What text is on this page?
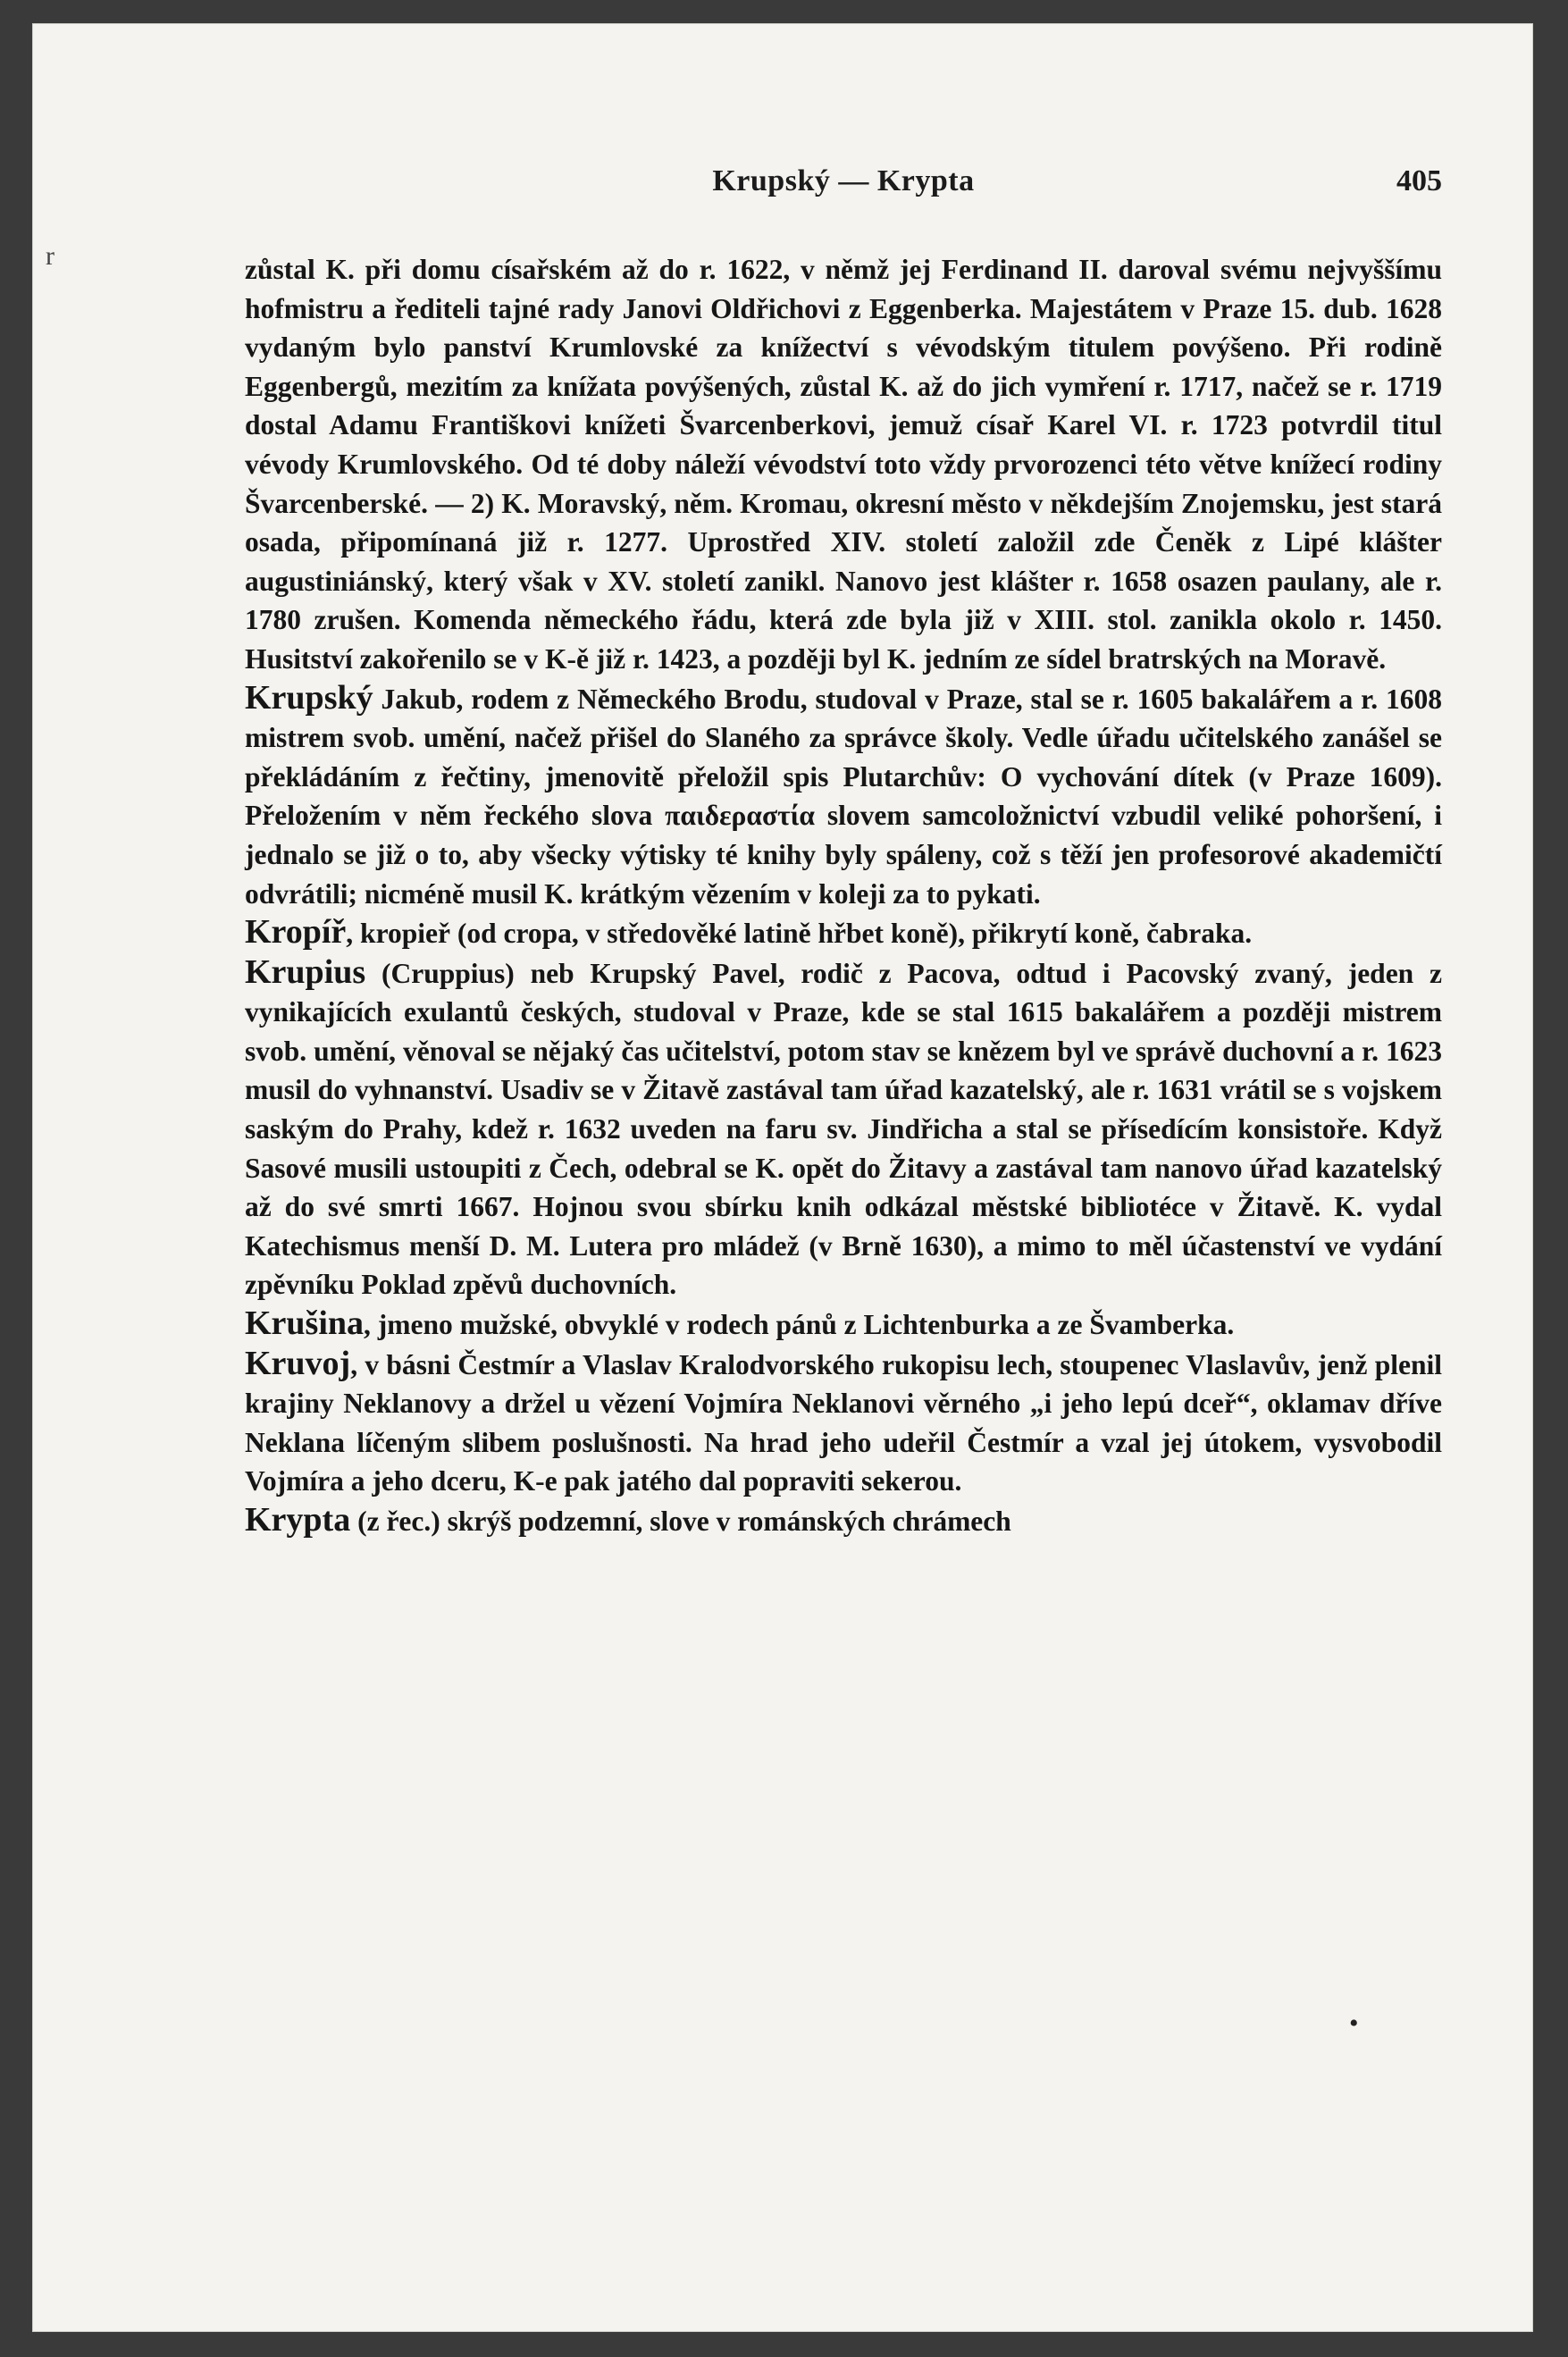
r
Krupský — Krypta	405

zůstal K. při domu císařském až do r. 1622, v němž jej Ferdinand II. daroval svému nejvyššímu hofmistru a řediteli tajné rady Janovi Oldřichovi z Eggenberka. Majestátem v Praze 15. dub. 1628 vydaným bylo panství Krumlovské za knížectví s vévodským titulem povýšeno. Při rodině Eggenbergů, mezitím za knížata povýšených, zůstal K. až do jich vymření r. 1717, načež se r. 1719 dostal Adamu Františkovi knížeti Švarcenberkovi, jemuž císař Karel VI. r. 1723 potvrdil titul vévody Krumlovského. Od té doby náleží vévodství toto vždy prvorozenci této větve knížecí rodiny Švarcenberské. — 2) K. Moravský, něm. Kromau, okresní město v někdejším Znojemsku, jest stará osada, připomínaná již r. 1277. Uprostřed XIV. století založil zde Čeněk z Lipé klášter augustiniánský, který však v XV. století zanikl. Nanovo jest klášter r. 1658 osazen paulany, ale r. 1780 zrušen. Komenda německého řádu, která zde byla již v XIII. stol. zanikla okolo r. 1450. Husitství zakořenilo se v K-ě již r. 1423, a později byl K. jedním ze sídel bratrských na Moravě.

Krupský Jakub, rodem z Německého Brodu, studoval v Praze, stal se r. 1605 bakalářem a r. 1608 mistrem svob. umění, načež přišel do Slaného za správce školy. Vedle úřadu učitelského zanášel se překládáním z řečtiny, jmenovitě přeložil spis Plutarchův: O vychování dítek (v Praze 1609). Přeložením v něm řeckého slova παιδεραστία slovem samcoložnictví vzbudil veliké pohoršení, i jednalo se již o to, aby všecky výtisky té knihy byly spáleny, což s těží jen profesorové akademičtí odvrátili; nicméně musil K. krátkým vězením v koleji za to pykati.

Kropíř, kropieř (od cropa, v středověké latině hřbet koně), přikrytí koně, čabraka.

Krupius (Cruppius) neb Krupský Pavel, rodič z Pacova, odtud i Pacovský zvaný, jeden z vynikajících exulantů českých, studoval v Praze, kde se stal 1615 bakalářem a později mistrem svob. umění, věnoval se nějaký čas učitelství, potom stav se knězem byl ve správě duchovní a r. 1623 musil do vyhnanství. Usadiv se v Žitavě zastával tam úřad kazatelský, ale r. 1631 vrátil se s vojskem saským do Prahy, kdež r. 1632 uveden na faru sv. Jindřicha a stal se přísedícím konsistoře. Když Sasové musili ustoupiti z Čech, odebral se K. opět do Žitavy a zastával tam nanovo úřad kazatelský až do své smrti 1667. Hojnou svou sbírku knih odkázal městské bibliotéce v Žitavě. K. vydal Katechismus menší D. M. Lutera pro mládež (v Brně 1630), a mimo to měl účastenství ve vydání zpěvníku Poklad zpěvů duchovních.

Krušina, jmeno mužské, obvyklé v rodech pánů z Lichtenburka a ze Švamberka.

Kruvoj, v básni Čestmír a Vlaslav Kralodvorského rukopisu lech, stoupenec Vlaslavův, jenž plenil krajiny Neklanovy a držel u vězení Vojmíra Neklanovi věrného „i jeho lepú dceř“, oklamav dříve Neklana líčeným slibem poslušnosti. Na hrad jeho udeřil Čestmír a vzal jej útokem, vysvobodil Vojmíra a jeho dceru, K-e pak jatého dal popraviti sekerou.

Krypta (z řec.) skrýš podzemní, slove v románských chrámech

•
